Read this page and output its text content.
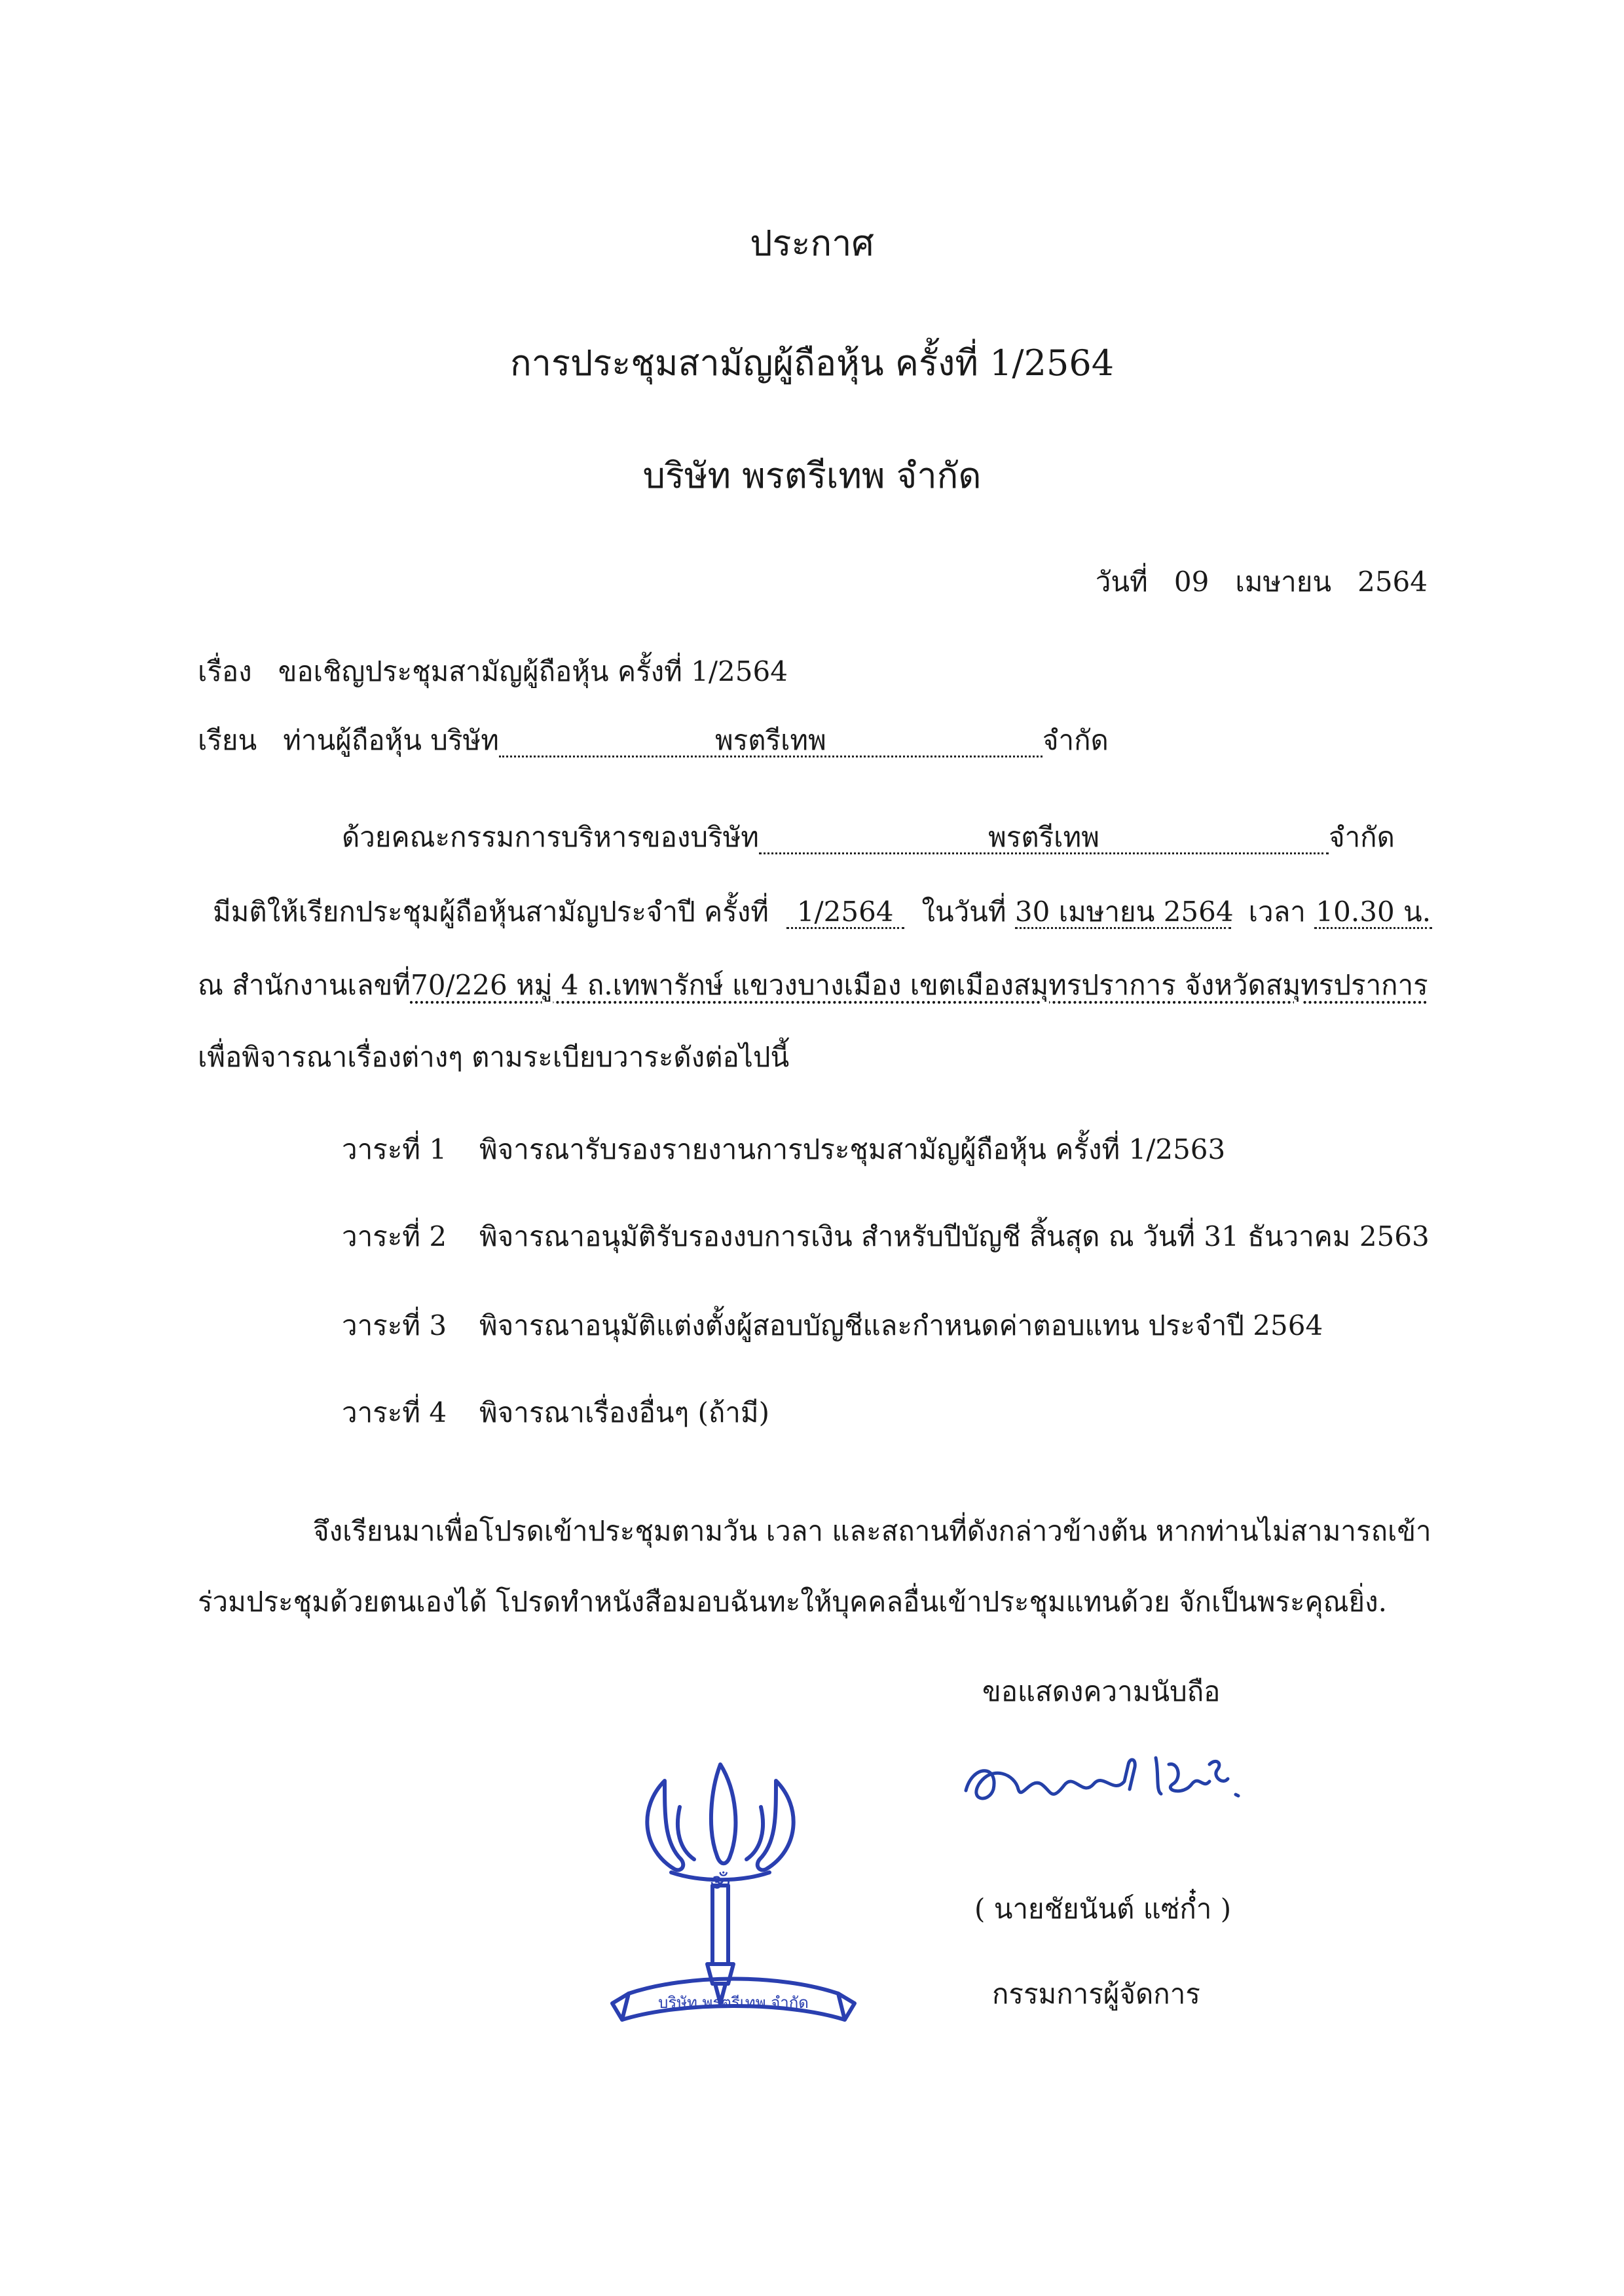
ประกาศ
การประชุมสามัญผู้ถือหุ้น ครั้งที่ 1/2564
บริษัท พรตรีเทพ จำกัด
วันที่ 09 เมษายน 2564
เรื่อง ขอเชิญประชุมสามัญผู้ถือหุ้น ครั้งที่ 1/2564
เรียน ท่านผู้ถือหุ้น บริษัท	พรตรีเทพ	จำกัด
ด้วยคณะกรรมการบริหารของบริษัท	พรตรีเทพ	จำกัด
มีมติให้เรียกประชุมผู้ถือหุ้นสามัญประจำปี ครั้งที่ 1/2564 ในวันที่ 30 เมษายน 2564 เวลา 10.30 น.
ณ สำนักงานเลขที่70/226 หมู่ 4 ถ.เทพารักษ์ แขวงบางเมือง เขตเมืองสมุทรปราการ จังหวัดสมุทรปราการ
เพื่อพิจารณาเรื่องต่างๆ ตามระเบียบวาระดังต่อไปนี้
วาระที่ 1 พิจารณารับรองรายงานการประชุมสามัญผู้ถือหุ้น ครั้งที่ 1/2563
วาระที่ 2 พิจารณาอนุมัติรับรองงบการเงิน สำหรับปีบัญชี สิ้นสุด ณ วันที่ 31 ธันวาคม 2563
วาระที่ 3 พิจารณาอนุมัติแต่งตั้งผู้สอบบัญชีและกำหนดค่าตอบแทน ประจำปี 2564
วาระที่ 4 พิจารณาเรื่องอื่นๆ (ถ้ามี)
จึงเรียนมาเพื่อโปรดเข้าประชุมตามวัน เวลา และสถานที่ดังกล่าวข้างต้น หากท่านไม่สามารถเข้า
ร่วมประชุมด้วยตนเองได้ โปรดทำหนังสือมอบฉันทะให้บุคคลอื่นเข้าประชุมแทนด้วย จักเป็นพระคุณยิ่ง.
ขอแสดงความนับถือ
( นายชัยนันต์ แซ่ก๋ำ )
กรรมการผู้จัดการ
ॐ
บริษัท พรตรีเทพ จำกัด
